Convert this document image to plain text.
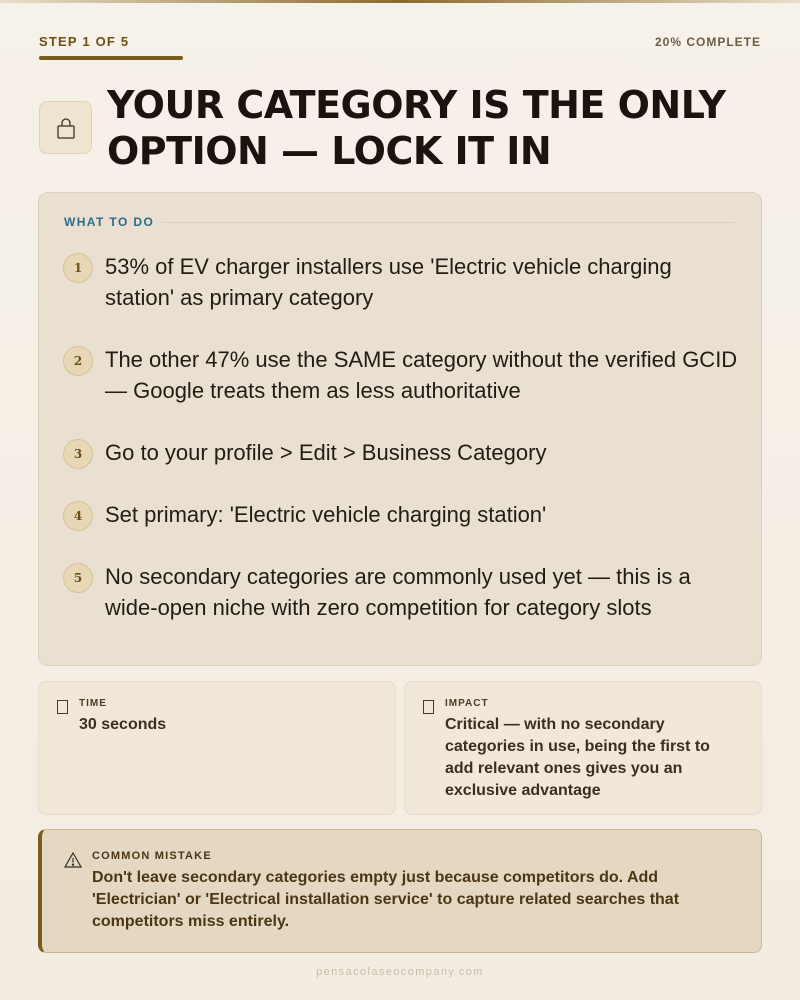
STEP 1 OF 5	20% COMPLETE
YOUR CATEGORY IS THE ONLY OPTION — LOCK IT IN
WHAT TO DO
1	53% of EV charger installers use 'Electric vehicle charging station' as primary category
2	The other 47% use the SAME category without the verified GCID — Google treats them as less authoritative
3	Go to your profile > Edit > Business Category
4	Set primary: 'Electric vehicle charging station'
5	No secondary categories are commonly used yet — this is a wide-open niche with zero competition for category slots
TIME
30 seconds
IMPACT
Critical — with no secondary categories in use, being the first to add relevant ones gives you an exclusive advantage
COMMON MISTAKE
Don't leave secondary categories empty just because competitors do. Add 'Electrician' or 'Electrical installation service' to capture related searches that competitors miss entirely.
pensacolaseocompany.com
